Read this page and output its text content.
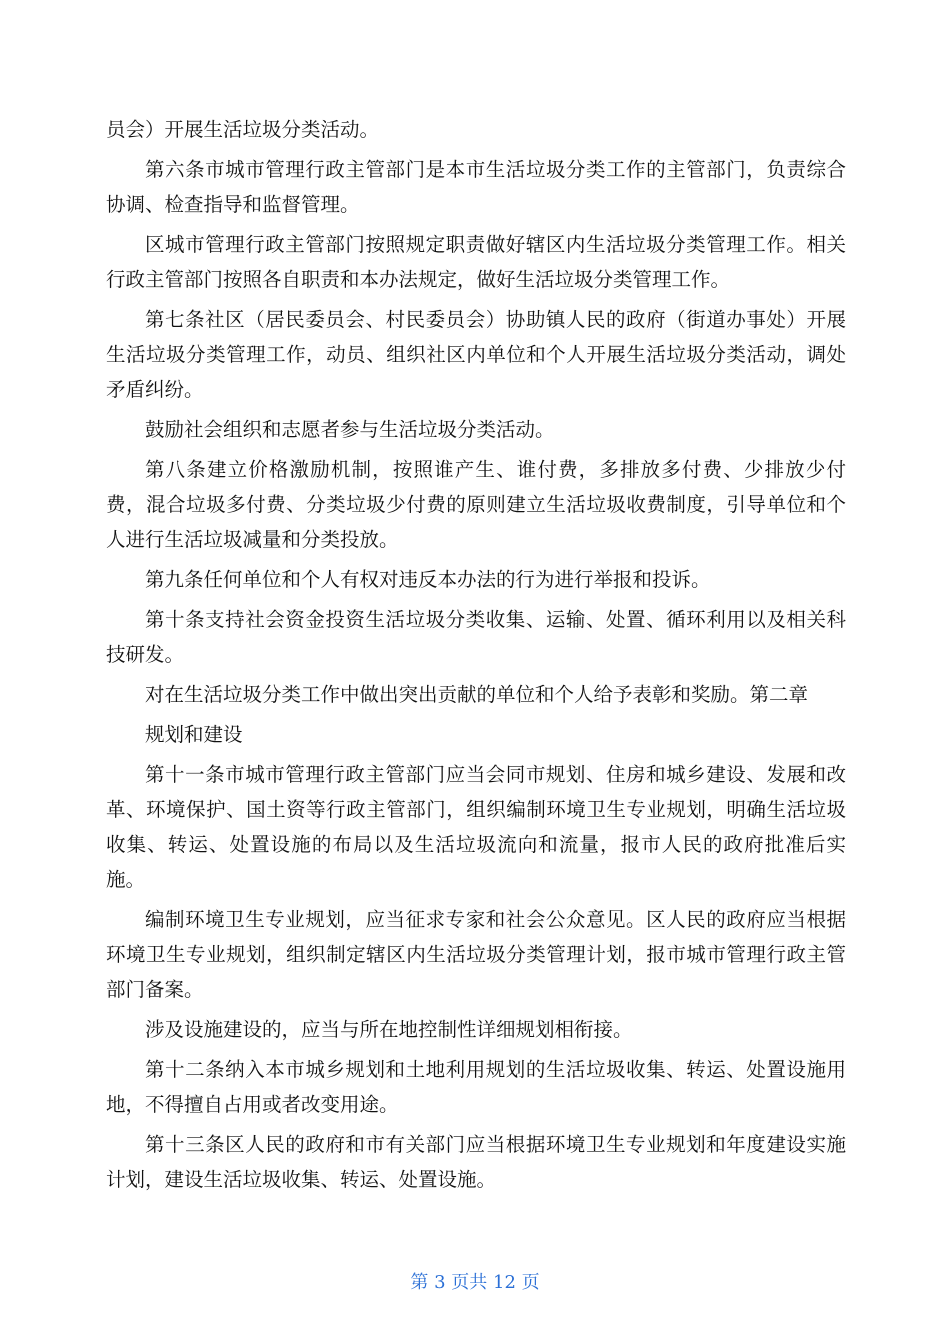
员会）开展生活垃圾分类活动。

第六条市城市管理行政主管部门是本市生活垃圾分类工作的主管部门，负责综合协调、检查指导和监督管理。

区城市管理行政主管部门按照规定职责做好辖区内生活垃圾分类管理工作。相关行政主管部门按照各自职责和本办法规定，做好生活垃圾分类管理工作。

第七条社区（居民委员会、村民委员会）协助镇人民的政府（街道办事处）开展生活垃圾分类管理工作，动员、组织社区内单位和个人开展生活垃圾分类活动，调处矛盾纠纷。

鼓励社会组织和志愿者参与生活垃圾分类活动。

第八条建立价格激励机制，按照谁产生、谁付费，多排放多付费、少排放少付费，混合垃圾多付费、分类垃圾少付费的原则建立生活垃圾收费制度，引导单位和个人进行生活垃圾减量和分类投放。

第九条任何单位和个人有权对违反本办法的行为进行举报和投诉。

第十条支持社会资金投资生活垃圾分类收集、运输、处置、循环利用以及相关科技研发。

对在生活垃圾分类工作中做出突出贡献的单位和个人给予表彰和奖励。第二章

规划和建设

第十一条市城市管理行政主管部门应当会同市规划、住房和城乡建设、发展和改革、环境保护、国土资等行政主管部门，组织编制环境卫生专业规划，明确生活垃圾收集、转运、处置设施的布局以及生活垃圾流向和流量，报市人民的政府批准后实施。

编制环境卫生专业规划，应当征求专家和社会公众意见。区人民的政府应当根据环境卫生专业规划，组织制定辖区内生活垃圾分类管理计划，报市城市管理行政主管部门备案。

涉及设施建设的，应当与所在地控制性详细规划相衔接。

第十二条纳入本市城乡规划和土地利用规划的生活垃圾收集、转运、处置设施用地，不得擅自占用或者改变用途。

第十三条区人民的政府和市有关部门应当根据环境卫生专业规划和年度建设实施计划，建设生活垃圾收集、转运、处置设施。

第 3 页共 12 页
